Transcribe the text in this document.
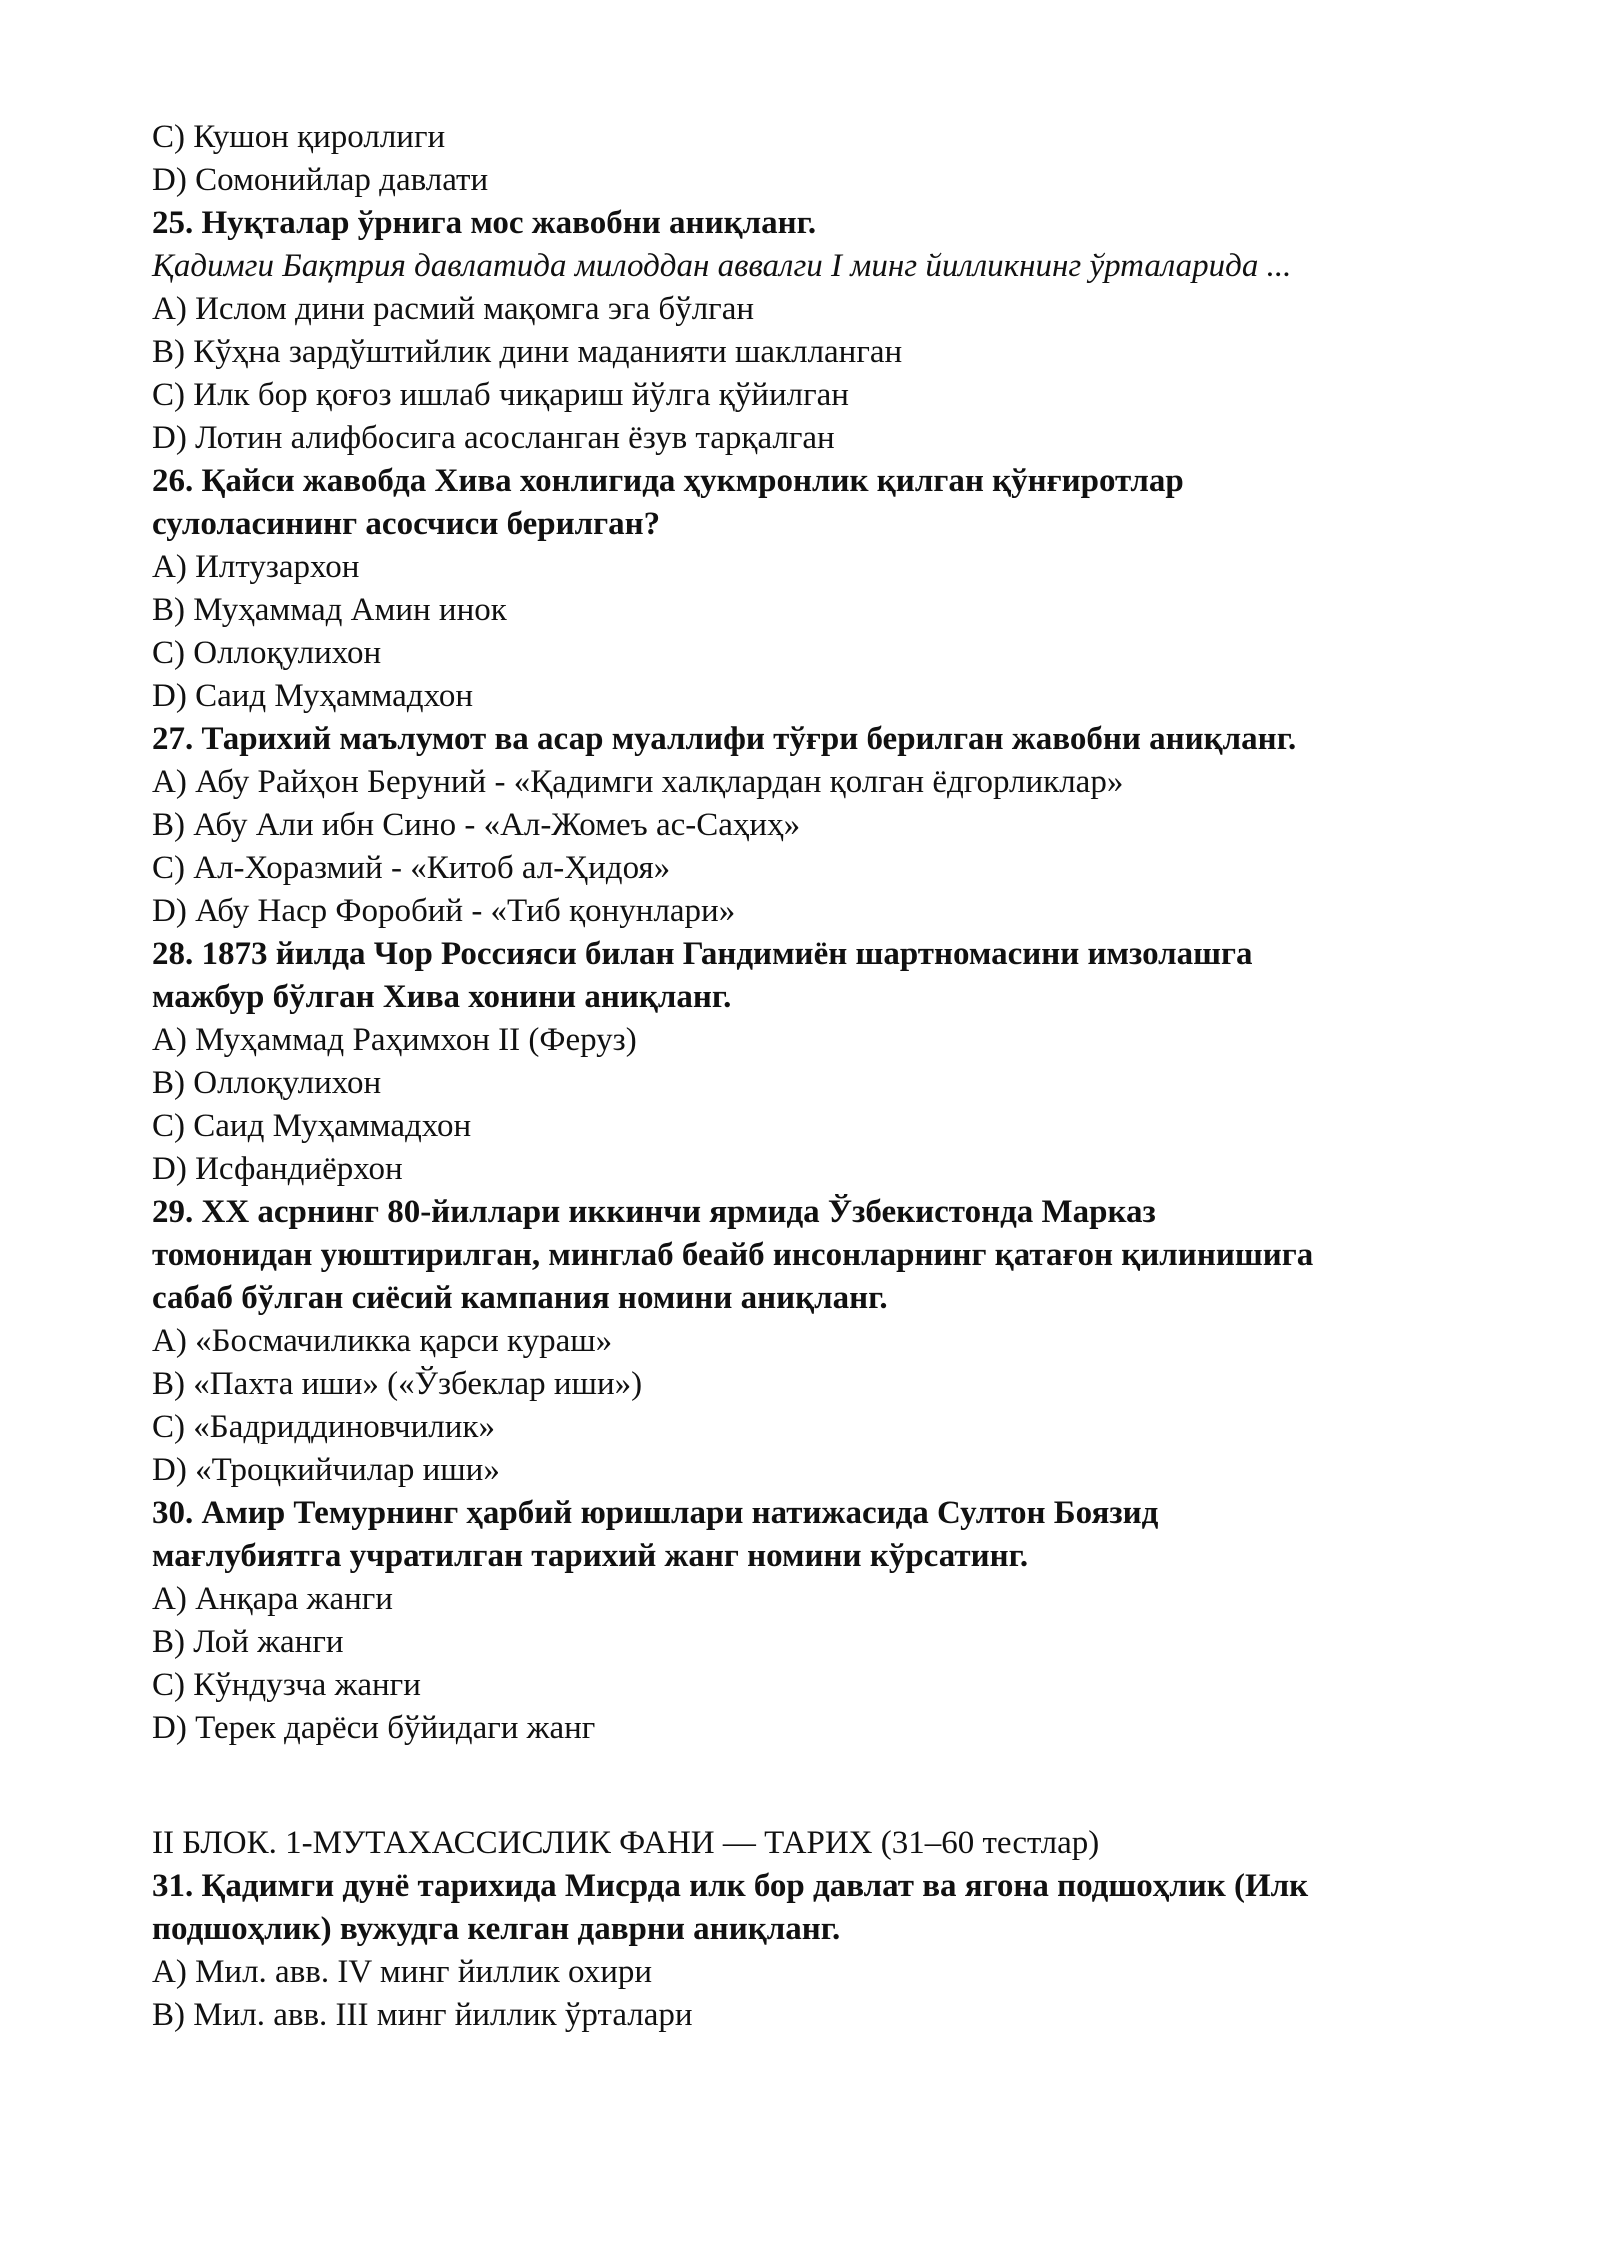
C) Кушон қироллиги
D) Сомонийлар давлати
25. Нуқталар ўрнига мос жавобни аниқланг.
Қадимги Бақтрия давлатида милоддан аввалги I минг йилликнинг ўрталарида ...
A) Ислом дини расмий мақомга эга бўлган
B) Кўҳна зардўштийлик дини маданияти шаклланган
C) Илк бор қоғоз ишлаб чиқариш йўлга қўйилган
D) Лотин алифбосига асосланган ёзув тарқалган
26. Қайси жавобда Хива хонлигида ҳукмронлик қилган қўнғиротлар
сулоласининг асосчиси берилган?
A) Илтузархон
B) Муҳаммад Амин инок
C) Оллоқулихон
D) Саид Муҳаммадхон
27. Тарихий маълумот ва асар муаллифи тўғри берилган жавобни аниқланг.
A) Абу Райҳон Беруний - «Қадимги халқлардан қолган ёдгорликлар»
B) Абу Али ибн Сино - «Ал-Жомеъ ас-Саҳиҳ»
C) Ал-Хоразмий - «Китоб ал-Ҳидоя»
D) Абу Наср Форобий - «Тиб қонунлари»
28. 1873 йилда Чор Россияси билан Гандимиён шартномасини имзолашга
мажбур бўлган Хива хонини аниқланг.
A) Муҳаммад Раҳимхон II (Феруз)
B) Оллоқулихон
C) Саид Муҳаммадхон
D) Исфандиёрхон
29. XX асрнинг 80-йиллари иккинчи ярмида Ўзбекистонда Марказ
томонидан уюштирилган, минглаб беайб инсонларнинг қатағон қилинишига
сабаб бўлган сиёсий кампания номини аниқланг.
A) «Босмачиликка қарси кураш»
B) «Пахта иши» («Ўзбеклар иши»)
C) «Бадриддиновчилик»
D) «Троцкийчилар иши»
30. Амир Темурнинг ҳарбий юришлари натижасида Султон Боязид
мағлубиятга учратилган тарихий жанг номини кўрсатинг.
A) Анқара жанги
B) Лой жанги
C) Кўндузча жанги
D) Терек дарёси бўйидаги жанг
II БЛОК. 1-МУТАХАССИСЛИК ФАНИ — ТАРИХ (31–60 тестлар)
31. Қадимги дунё тарихида Мисрда илк бор давлат ва ягона подшоҳлик (Илк
подшоҳлик) вужудга келган даврни аниқланг.
A) Мил. авв. IV минг йиллик охири
B) Мил. авв. III минг йиллик ўрталари
